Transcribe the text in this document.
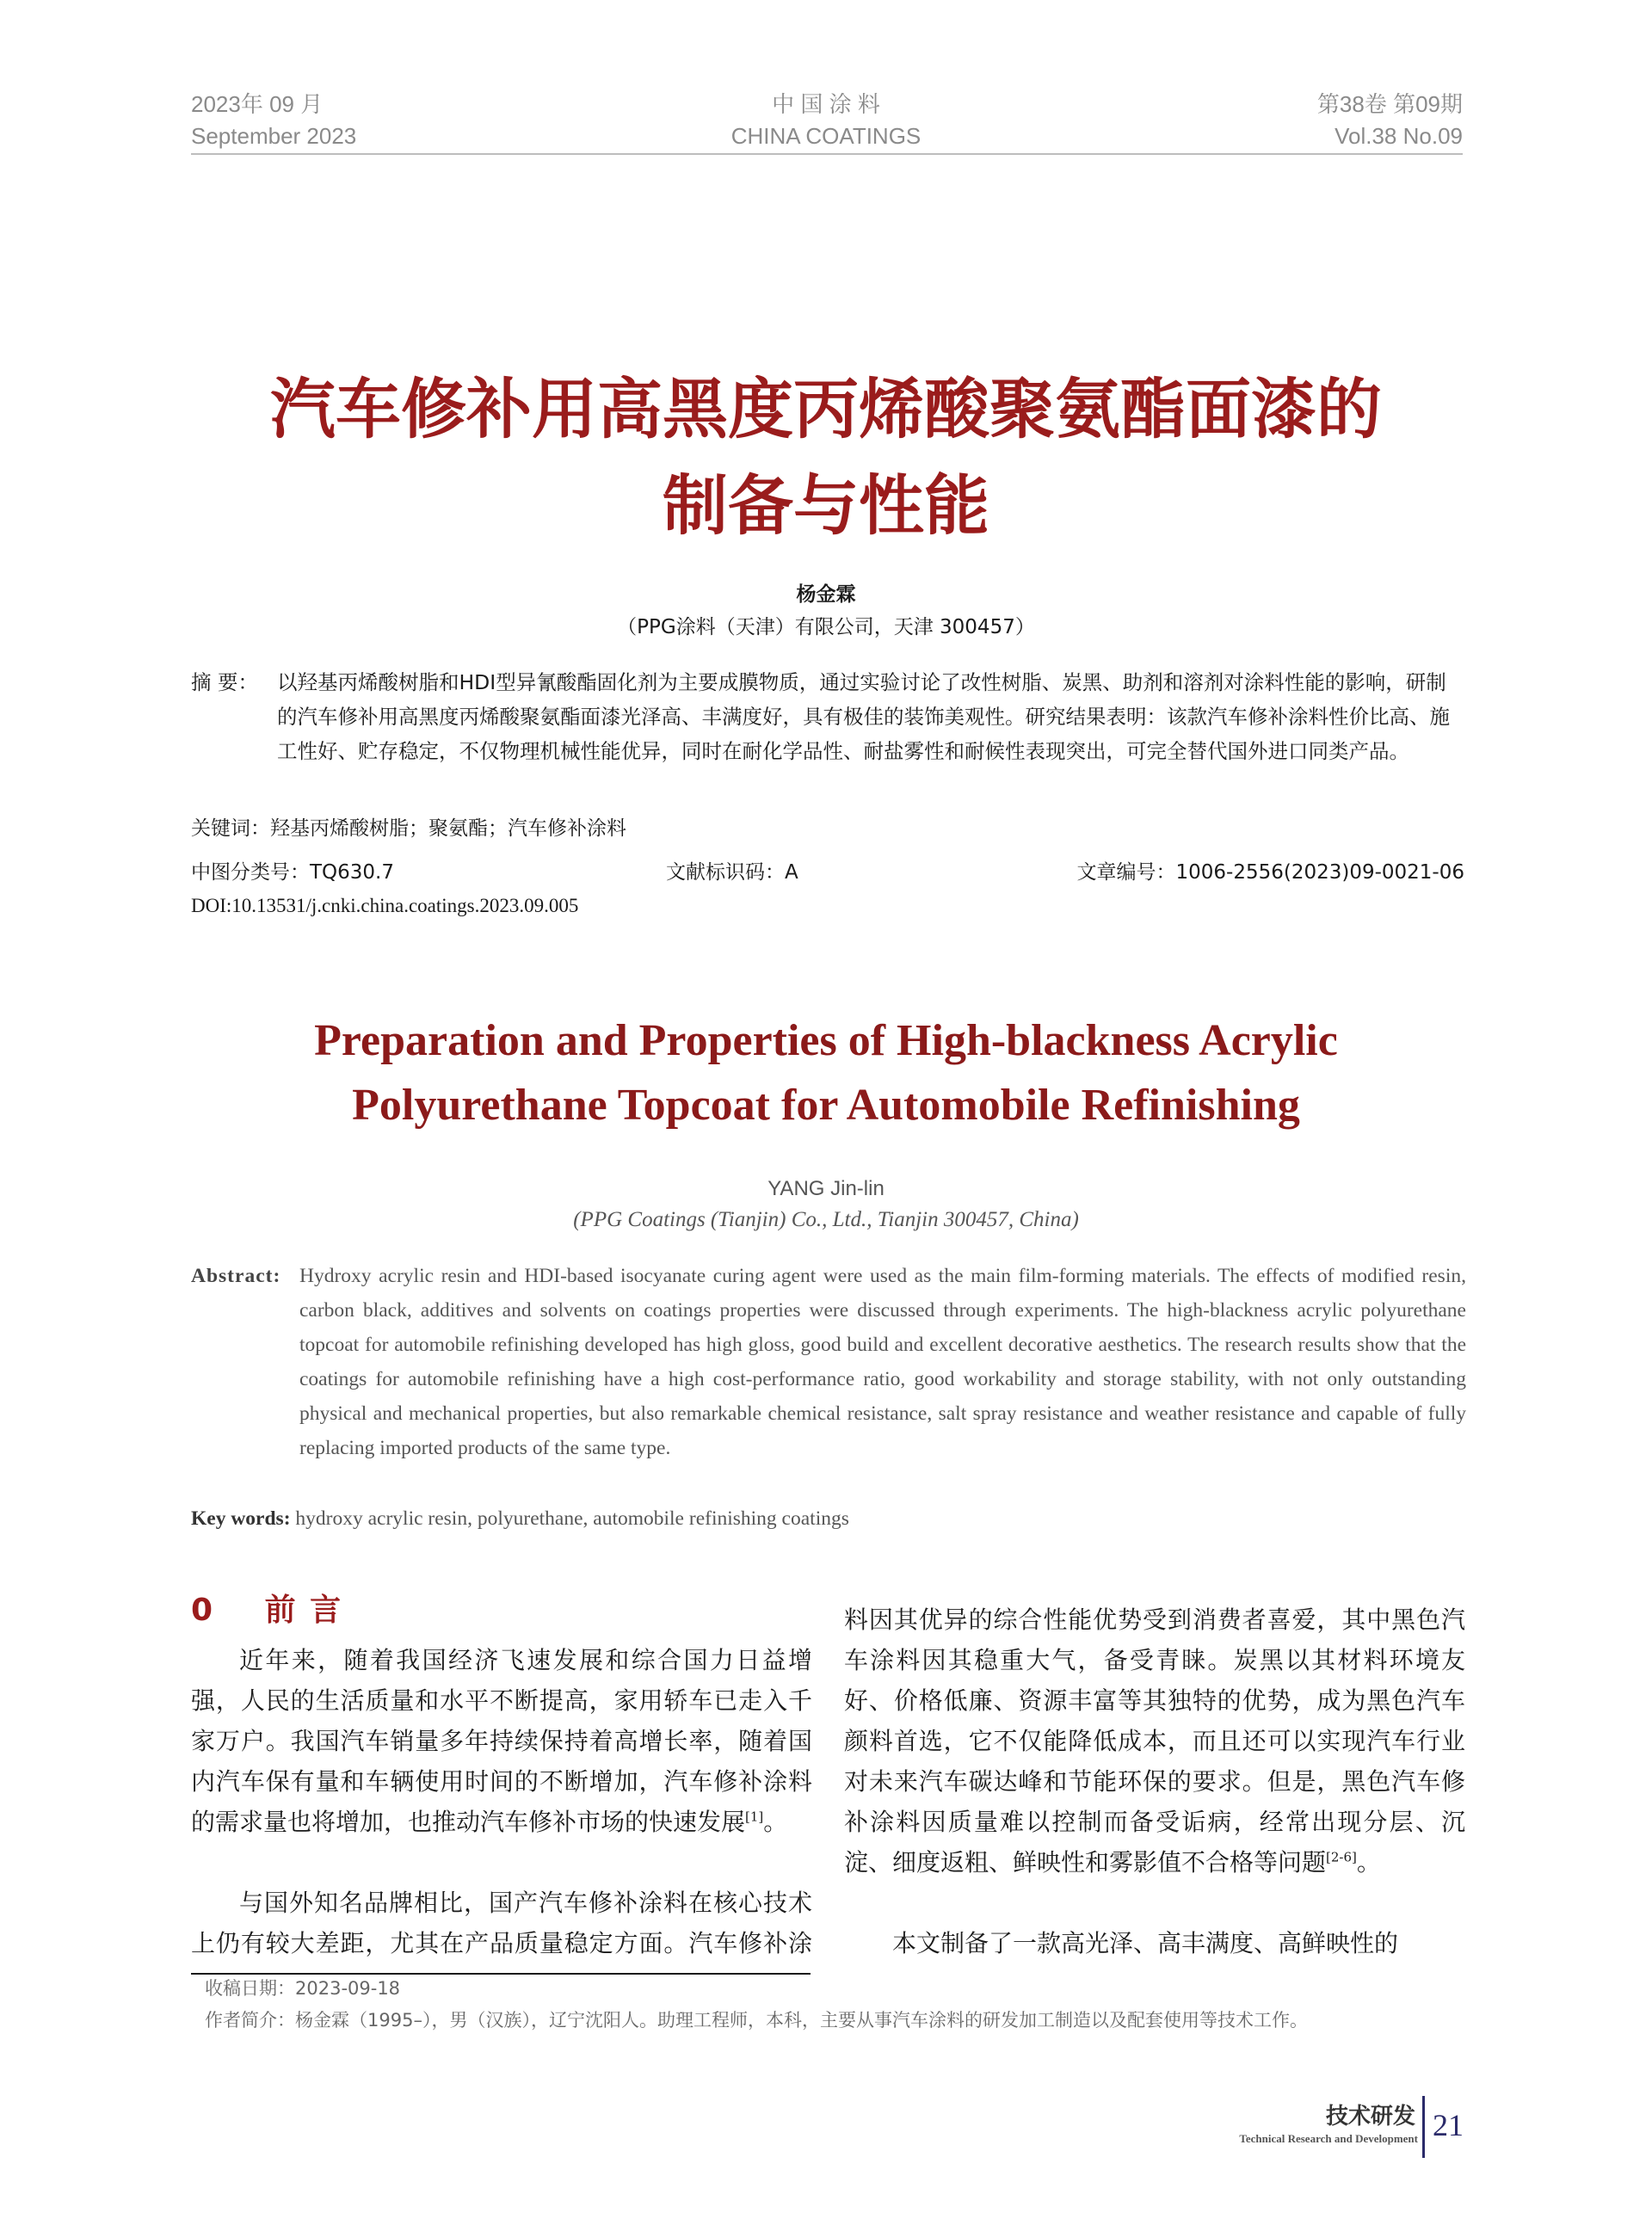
2023年 09 月
September 2023
中 国 涂 料
CHINA COATINGS
第38卷 第09期
Vol.38 No.09
汽车修补用高黑度丙烯酸聚氨酯面漆的
制备与性能
杨金霖
（PPG涂料（天津）有限公司，天津 300457）
摘 要： 以羟基丙烯酸树脂和HDI型异氰酸酯固化剂为主要成膜物质，通过实验讨论了改性树脂、炭黑、助剂和溶剂对涂料性能的影响，研制的汽车修补用高黑度丙烯酸聚氨酯面漆光泽高、丰满度好，具有极佳的装饰美观性。研究结果表明：该款汽车修补涂料性价比高、施工性好、贮存稳定，不仅物理机械性能优异，同时在耐化学品性、耐盐雾性和耐候性表现突出，可完全替代国外进口同类产品。
关键词：羟基丙烯酸树脂；聚氨酯；汽车修补涂料
中图分类号：TQ630.7	文献标识码：A	文章编号：1006-2556(2023)09-0021-06
DOI:10.13531/j.cnki.china.coatings.2023.09.005
Preparation and Properties of High-blackness Acrylic
Polyurethane Topcoat for Automobile Refinishing
YANG Jin-lin
(PPG Coatings (Tianjin) Co., Ltd., Tianjin 300457, China)
Abstract: Hydroxy acrylic resin and HDI-based isocyanate curing agent were used as the main film-forming materials. The effects of modified resin, carbon black, additives and solvents on coatings properties were discussed through experiments. The high-blackness acrylic polyurethane topcoat for automobile refinishing developed has high gloss, good build and excellent decorative aesthetics. The research results show that the coatings for automobile refinishing have a high cost-performance ratio, good workability and storage stability, with not only outstanding physical and mechanical properties, but also remarkable chemical resistance, salt spray resistance and weather resistance and capable of fully replacing imported products of the same type.
Key words: hydroxy acrylic resin, polyurethane, automobile refinishing coatings
0 前 言

近年来，随着我国经济飞速发展和综合国力日益增强，人民的生活质量和水平不断提高，家用轿车已走入千家万户。我国汽车销量多年持续保持着高增长率，随着国内汽车保有量和车辆使用时间的不断增加，汽车修补涂料的需求量也将增加，也推动汽车修补市场的快速发展[1]。

与国外知名品牌相比，国产汽车修补涂料在核心技术上仍有较大差距，尤其在产品质量稳定方面。汽车修补涂

料因其优异的综合性能优势受到消费者喜爱，其中黑色汽车涂料因其稳重大气，备受青睐。炭黑以其材料环境友好、价格低廉、资源丰富等其独特的优势，成为黑色汽车颜料首选，它不仅能降低成本，而且还可以实现汽车行业对未来汽车碳达峰和节能环保的要求。但是，黑色汽车修补涂料因质量难以控制而备受诟病，经常出现分层、沉淀、细度返粗、鲜映性和雾影值不合格等问题[2-6]。

本文制备了一款高光泽、高丰满度、高鲜映性的

收稿日期：2023-09-18
作者简介：杨金霖（1995–），男（汉族），辽宁沈阳人。助理工程师，本科，主要从事汽车涂料的研发加工制造以及配套使用等技术工作。
技术研发
Technical Research and Development 21
